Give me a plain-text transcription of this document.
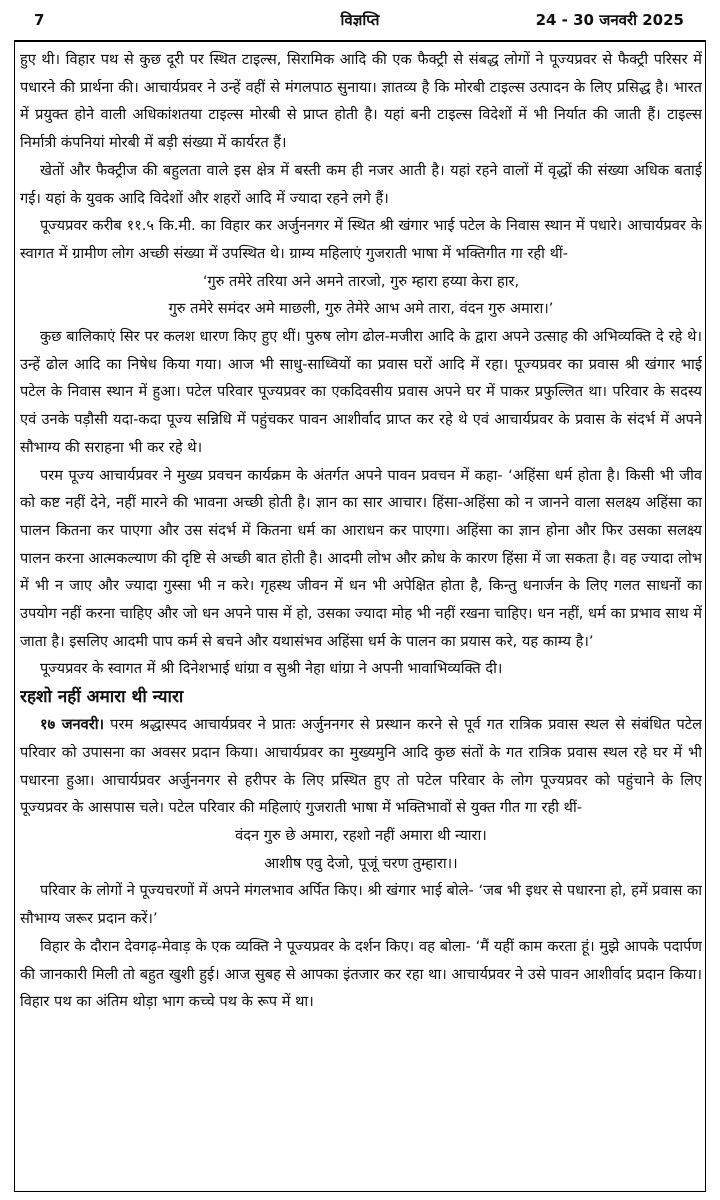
7	विज्ञप्ति	24 - 30 जनवरी 2025

हुए थी। विहार पथ से कुछ दूरी पर स्थित टाइल्स, सिरामिक आदि की एक फैक्ट्री से संबद्ध लोगों ने पूज्यप्रवर से फैक्ट्री परिसर में पधारने की प्रार्थना की। आचार्यप्रवर ने उन्हें वहीं से मंगलपाठ सुनाया। ज्ञातव्य है कि मोरबी टाइल्स उत्पादन के लिए प्रसिद्ध है। भारत में प्रयुक्त होने वाली अधिकांशतया टाइल्स मोरबी से प्राप्त होती है। यहां बनी टाइल्स विदेशों में भी निर्यात की जाती हैं। टाइल्स निर्मात्री कंपनियां मोरबी में बड़ी संख्या में कार्यरत हैं।

खेतों और फैक्ट्रीज की बहुलता वाले इस क्षेत्र में बस्ती कम ही नजर आती है। यहां रहने वालों में वृद्धों की संख्या अधिक बताई गई। यहां के युवक आदि विदेशों और शहरों आदि में ज्यादा रहने लगे हैं।

पूज्यप्रवर करीब ११.५ कि.मी. का विहार कर अर्जुननगर में स्थित श्री खंगार भाई पटेल के निवास स्थान में पधारे। आचार्यप्रवर के स्वागत में ग्रामीण लोग अच्छी संख्या में उपस्थित थे। ग्राम्य महिलाएं गुजराती भाषा में भक्तिगीत गा रही थीं-

‘गुरु तमेरे तरिया अने अमने तारजो, गुरु म्हारा हय्या केरा हार,
गुरु तमेरे समंदर अमे माछली, गुरु तेमेरे आभ अमे तारा, वंदन गुरु अमारा।’

कुछ बालिकाएं सिर पर कलश धारण किए हुए थीं। पुरुष लोग ढोल-मजीरा आदि के द्वारा अपने उत्साह की अभिव्यक्ति दे रहे थे। उन्हें ढोल आदि का निषेध किया गया। आज भी साधु-साध्वियों का प्रवास घरों आदि में रहा। पूज्यप्रवर का प्रवास श्री खंगार भाई पटेल के निवास स्थान में हुआ। पटेल परिवार पूज्यप्रवर का एकदिवसीय प्रवास अपने घर में पाकर प्रफुल्लित था। परिवार के सदस्य एवं उनके पड़ौसी यदा-कदा पूज्य सन्निधि में पहुंचकर पावन आशीर्वाद प्राप्त कर रहे थे एवं आचार्यप्रवर के प्रवास के संदर्भ में अपने सौभाग्य की सराहना भी कर रहे थे।

परम पूज्य आचार्यप्रवर ने मुख्य प्रवचन कार्यक्रम के अंतर्गत अपने पावन प्रवचन में कहा- ‘अहिंसा धर्म होता है। किसी भी जीव को कष्ट नहीं देने, नहीं मारने की भावना अच्छी होती है। ज्ञान का सार आचार। हिंसा-अहिंसा को न जानने वाला सलक्ष्य अहिंसा का पालन कितना कर पाएगा और उस संदर्भ में कितना धर्म का आराधन कर पाएगा। अहिंसा का ज्ञान होना और फिर उसका सलक्ष्य पालन करना आत्मकल्याण की दृष्टि से अच्छी बात होती है। आदमी लोभ और क्रोध के कारण हिंसा में जा सकता है। वह ज्यादा लोभ में भी न जाए और ज्यादा गुस्सा भी न करे। गृहस्थ जीवन में धन भी अपेक्षित होता है, किन्तु धनार्जन के लिए गलत साधनों का उपयोग नहीं करना चाहिए और जो धन अपने पास में हो, उसका ज्यादा मोह भी नहीं रखना चाहिए। धन नहीं, धर्म का प्रभाव साथ में जाता है। इसलिए आदमी पाप कर्म से बचने और यथासंभव अहिंसा धर्म के पालन का प्रयास करे, यह काम्य है।’

पूज्यप्रवर के स्वागत में श्री दिनेशभाई धांग्रा व सुश्री नेहा धांग्रा ने अपनी भावाभिव्यक्ति दी।

रहशो नहीं अमारा थी न्यारा

१७ जनवरी। परम श्रद्धास्पद आचार्यप्रवर ने प्रातः अर्जुननगर से प्रस्थान करने से पूर्व गत रात्रिक प्रवास स्थल से संबंधित पटेल परिवार को उपासना का अवसर प्रदान किया। आचार्यप्रवर का मुख्यमुनि आदि कुछ संतों के गत रात्रिक प्रवास स्थल रहे घर में भी पधारना हुआ। आचार्यप्रवर अर्जुननगर से हरीपर के लिए प्रस्थित हुए तो पटेल परिवार के लोग पूज्यप्रवर को पहुंचाने के लिए पूज्यप्रवर के आसपास चले। पटेल परिवार की महिलाएं गुजराती भाषा में भक्तिभावों से युक्त गीत गा रही थीं-

वंदन गुरु छे अमारा, रहशो नहीं अमारा थी न्यारा।
आशीष एवु देजो, पूजूं चरण तुम्हारा।।

परिवार के लोगों ने पूज्यचरणों में अपने मंगलभाव अर्पित किए। श्री खंगार भाई बोले- ‘जब भी इधर से पधारना हो, हमें प्रवास का सौभाग्य जरूर प्रदान करें।’

विहार के दौरान देवगढ़-मेवाड़ के एक व्यक्ति ने पूज्यप्रवर के दर्शन किए। वह बोला- ‘मैं यहीं काम करता हूं। मुझे आपके पदार्पण की जानकारी मिली तो बहुत खुशी हुई। आज सुबह से आपका इंतजार कर रहा था। आचार्यप्रवर ने उसे पावन आशीर्वाद प्रदान किया। विहार पथ का अंतिम थोड़ा भाग कच्चे पथ के रूप में था।
